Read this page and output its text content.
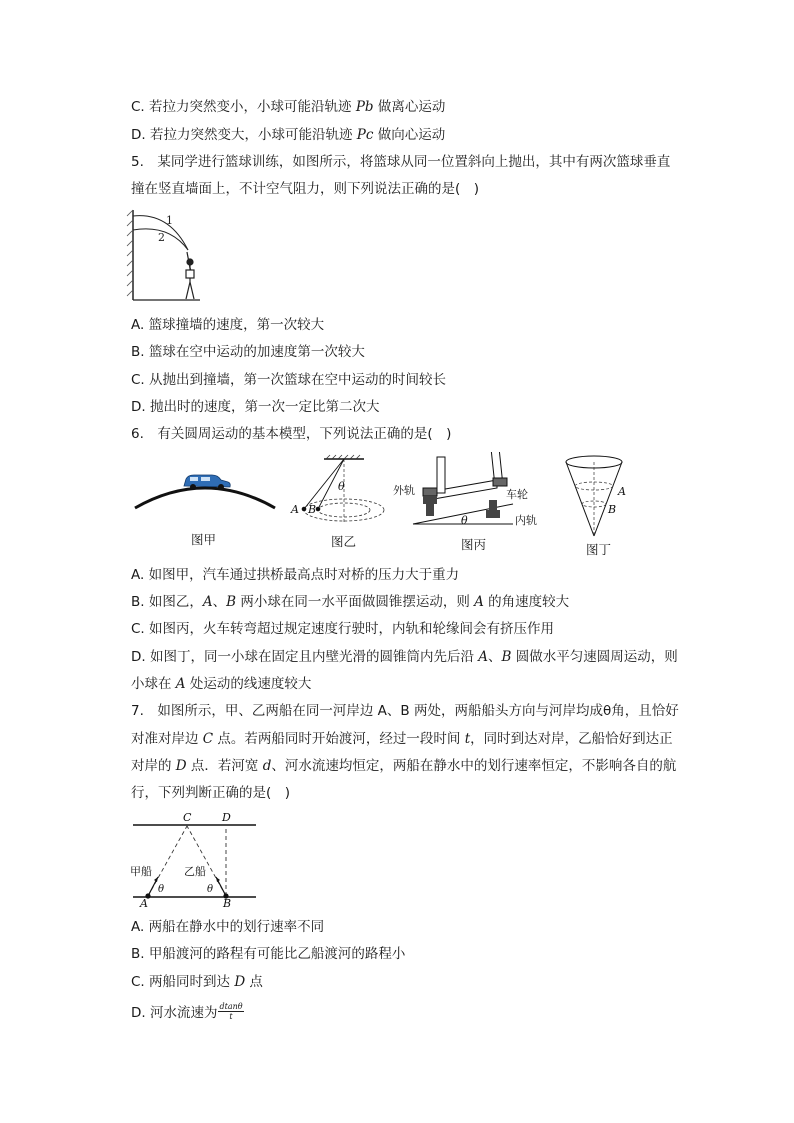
C. 若拉力突然变小，小球可能沿轨迹 Pb 做离心运动
D. 若拉力突然变大，小球可能沿轨迹 Pc 做向心运动
5.　某同学进行篮球训练，如图所示，将篮球从同一位置斜向上抛出，其中有两次篮球垂直
撞在竖直墙面上，不计空气阻力，则下列说法正确的是(　)
1
2
A. 篮球撞墙的速度，第一次较大
B. 篮球在空中运动的加速度第一次较大
C. 从抛出到撞墙，第一次篮球在空中运动的时间较长
D. 抛出时的速度，第一次一定比第二次大
6.　有关圆周运动的基本模型，下列说法正确的是(　)
图甲
θ
A B
图乙
外轨	车轮
内轨
θ
图丙
A
B
图丁
A. 如图甲，汽车通过拱桥最高点时对桥的压力大于重力
B. 如图乙，A、B 两小球在同一水平面做圆锥摆运动，则 A 的角速度较大
C. 如图丙，火车转弯超过规定速度行驶时，内轨和轮缘间会有挤压作用
D. 如图丁，同一小球在固定且内壁光滑的圆锥筒内先后沿 A、B 圆做水平匀速圆周运动，则
小球在 A 处运动的线速度较大
7.　如图所示，甲、乙两船在同一河岸边 A、B 两处，两船船头方向与河岸均成θ角，且恰好
对准对岸边 C 点。若两船同时开始渡河，经过一段时间 t，同时到达对岸，乙船恰好到达正
对岸的 D 点．若河宽 d、河水流速均恒定，两船在静水中的划行速率恒定，不影响各自的航
行，下列判断正确的是(　)
C	D
A	B
甲船	乙船
θ	θ
A. 两船在静水中的划行速率不同
B. 甲船渡河的路程有可能比乙船渡河的路程小
C. 两船同时到达 D 点
D. 河水流速为 $\frac{dtan\theta}{t}$
